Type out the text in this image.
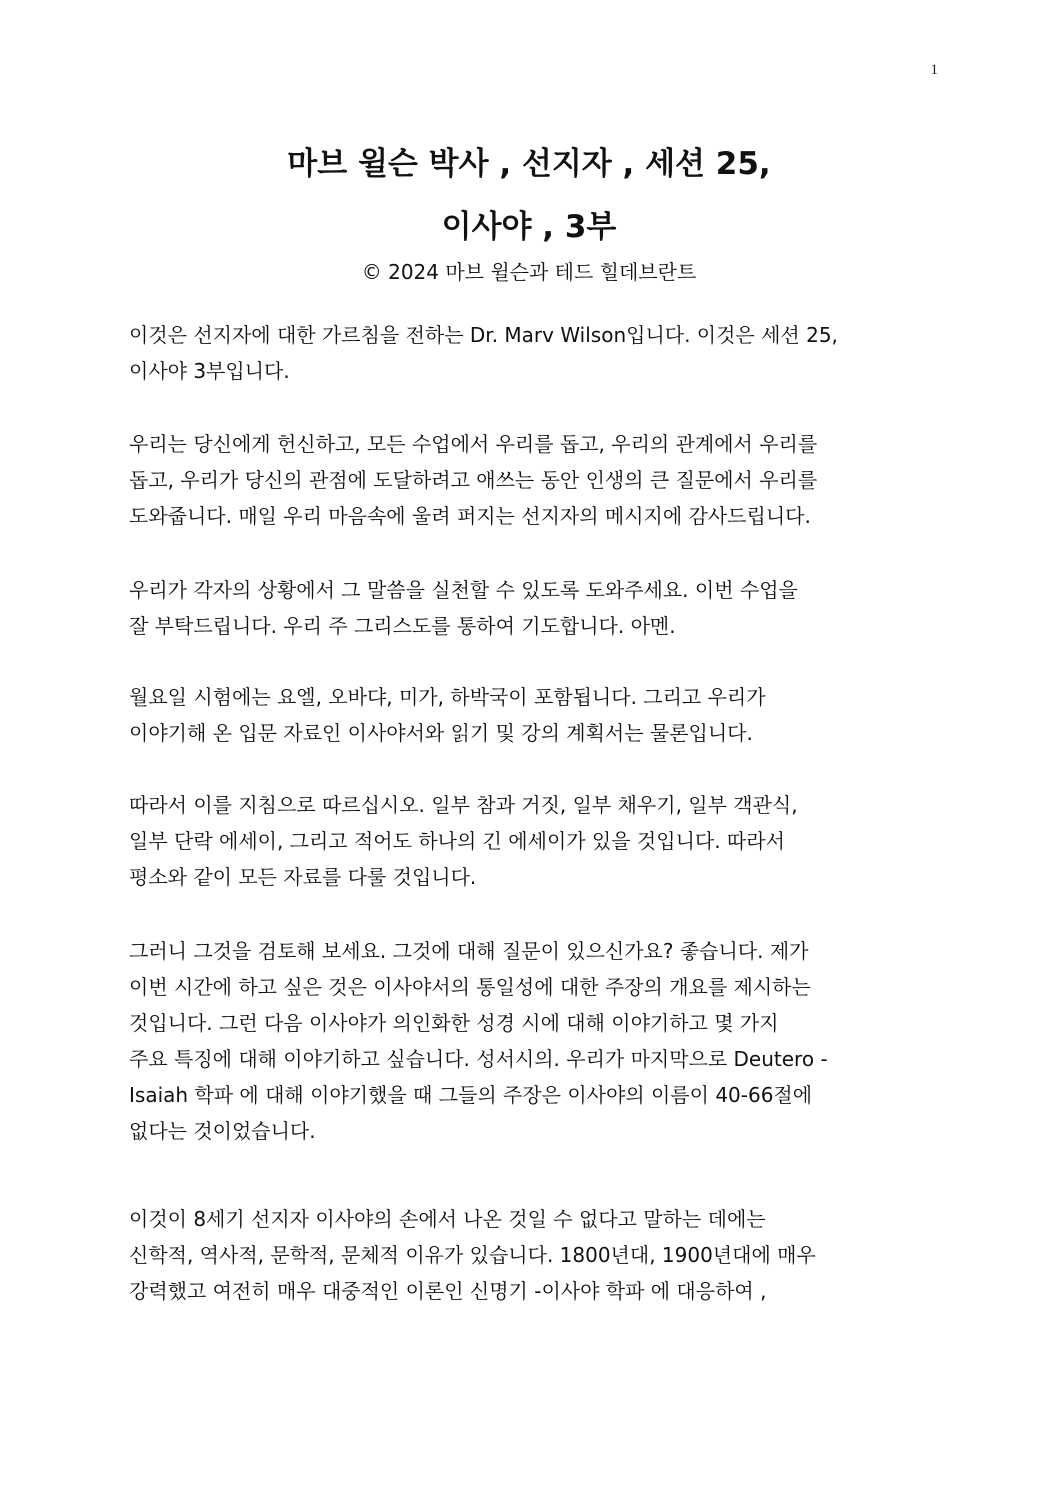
1
마브 윌슨 박사 , 선지자 , 세션 25,
이사야 , 3부
© 2024 마브 윌슨과 테드 힐데브란트
이것은 선지자에 대한 가르침을 전하는 Dr. Marv Wilson입니다. 이것은 세션 25,
이사야 3부입니다.
우리는 당신에게 헌신하고, 모든 수업에서 우리를 돕고, 우리의 관계에서 우리를
돕고, 우리가 당신의 관점에 도달하려고 애쓰는 동안 인생의 큰 질문에서 우리를
도와줍니다. 매일 우리 마음속에 울려 퍼지는 선지자의 메시지에 감사드립니다.
우리가 각자의 상황에서 그 말씀을 실천할 수 있도록 도와주세요. 이번 수업을
잘 부탁드립니다. 우리 주 그리스도를 통하여 기도합니다. 아멘.
월요일 시험에는 요엘, 오바댜, 미가, 하박국이 포함됩니다. 그리고 우리가
이야기해 온 입문 자료인 이사야서와 읽기 및 강의 계획서는 물론입니다.
따라서 이를 지침으로 따르십시오. 일부 참과 거짓, 일부 채우기, 일부 객관식,
일부 단락 에세이, 그리고 적어도 하나의 긴 에세이가 있을 것입니다. 따라서
평소와 같이 모든 자료를 다룰 것입니다.
그러니 그것을 검토해 보세요. 그것에 대해 질문이 있으신가요? 좋습니다. 제가
이번 시간에 하고 싶은 것은 이사야서의 통일성에 대한 주장의 개요를 제시하는
것입니다. 그런 다음 이사야가 의인화한 성경 시에 대해 이야기하고 몇 가지
주요 특징에 대해 이야기하고 싶습니다. 성서시의. 우리가 마지막으로 Deutero -
Isaiah 학파 에 대해 이야기했을 때 그들의 주장은 이사야의 이름이 40-66절에
없다는 것이었습니다.
이것이 8세기 선지자 이사야의 손에서 나온 것일 수 없다고 말하는 데에는
신학적, 역사적, 문학적, 문체적 이유가 있습니다. 1800년대, 1900년대에 매우
강력했고 여전히 매우 대중적인 이론인 신명기 -이사야 학파 에 대응하여 ,
